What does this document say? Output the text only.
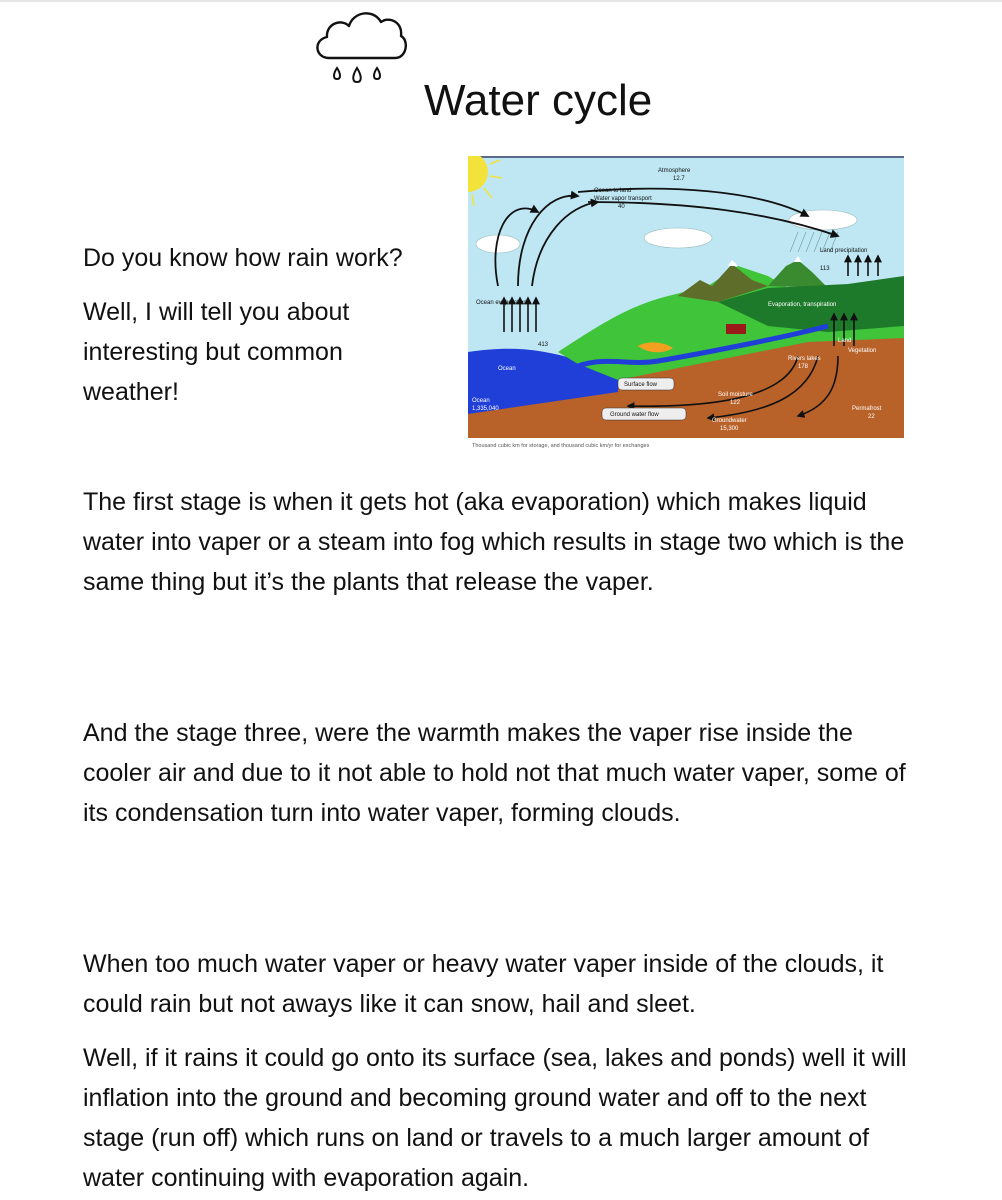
Water cycle
Atmosphere
12.7
Ocean to land
Water vapor transport
40
Land precipitation
113
Evaporation, transpiration
Ocean evaporation
413
Ocean
Ocean
1,335,040
Land
Vegetation
Rivers lakes
178
Surface flow
Ground water flow
Soil moisture
122
Groundwater
15,300
Permafrost
22
Thousand cubic km for storage, and thousand cubic km/yr for exchanges

Do you know how rain work?

Well, I will tell you about interesting but common weather!

The first stage is when it gets hot (aka evaporation) which makes liquid water into vaper or a steam into fog which results in stage two which is the same thing but it’s the plants that release the vaper.

And the stage three, were the warmth makes the vaper rise inside the cooler air and due to it not able to hold not that much water vaper, some of its condensation turn into water vaper, forming clouds.

When too much water vaper or heavy water vaper inside of the clouds, it could rain but not aways like it can snow, hail and sleet.

Well, if it rains it could go onto its surface (sea, lakes and ponds) well it will inflation into the ground and becoming ground water and off to the next stage (run off) which runs on land or travels to a much larger amount of water continuing with evaporation again.
